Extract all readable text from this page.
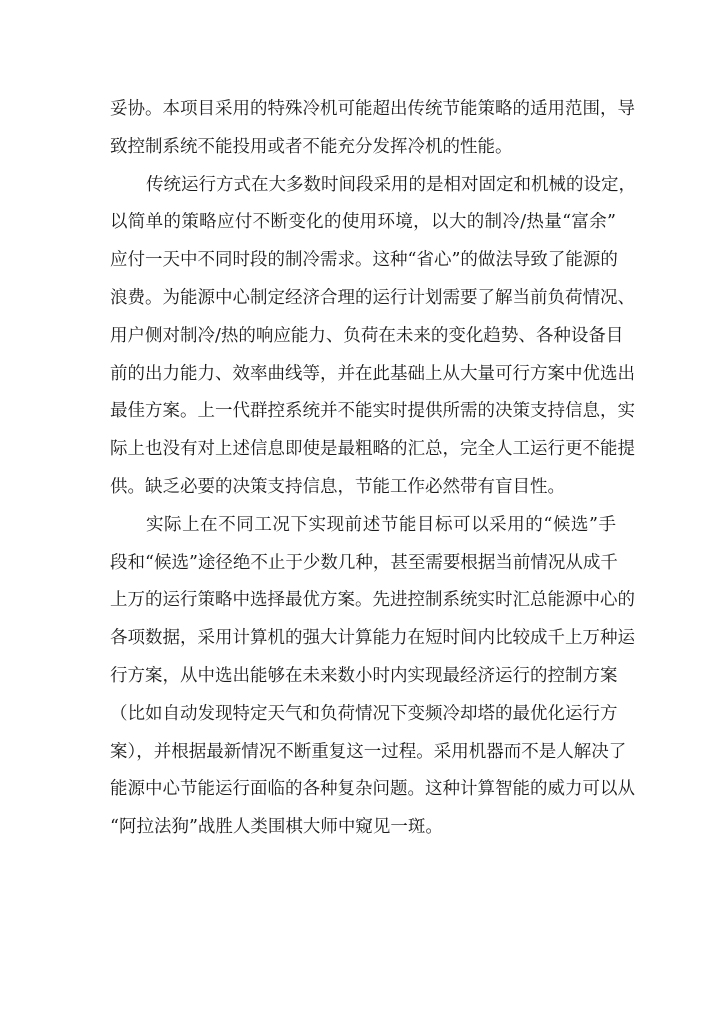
妥协。本项目采用的特殊冷机可能超出传统节能策略的适用范围，导
致控制系统不能投用或者不能充分发挥冷机的性能。
传统运行方式在大多数时间段采用的是相对固定和机械的设定，
以简单的策略应付不断变化的使用环境，以大的制冷/热量“富余”
应付一天中不同时段的制冷需求。这种“省心”的做法导致了能源的
浪费。为能源中心制定经济合理的运行计划需要了解当前负荷情况、
用户侧对制冷/热的响应能力、负荷在未来的变化趋势、各种设备目
前的出力能力、效率曲线等，并在此基础上从大量可行方案中优选出
最佳方案。上一代群控系统并不能实时提供所需的决策支持信息，实
际上也没有对上述信息即使是最粗略的汇总，完全人工运行更不能提
供。缺乏必要的决策支持信息，节能工作必然带有盲目性。
实际上在不同工况下实现前述节能目标可以采用的“候选”手
段和“候选”途径绝不止于少数几种，甚至需要根据当前情况从成千
上万的运行策略中选择最优方案。先进控制系统实时汇总能源中心的
各项数据，采用计算机的强大计算能力在短时间内比较成千上万种运
行方案，从中选出能够在未来数小时内实现最经济运行的控制方案
（比如自动发现特定天气和负荷情况下变频冷却塔的最优化运行方
案），并根据最新情况不断重复这一过程。采用机器而不是人解决了
能源中心节能运行面临的各种复杂问题。这种计算智能的威力可以从
“阿拉法狗”战胜人类围棋大师中窥见一斑。
